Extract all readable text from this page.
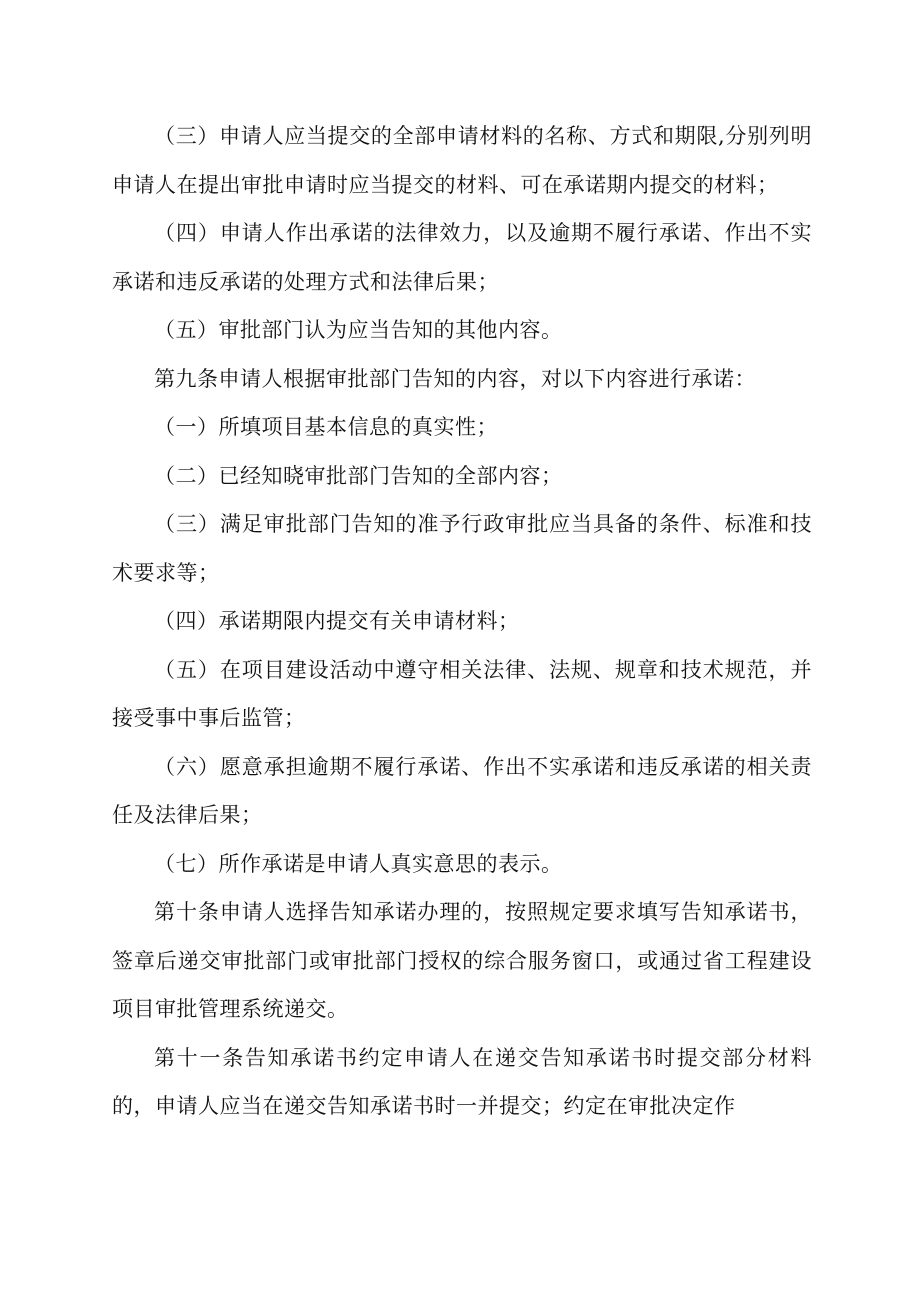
（三）申请人应当提交的全部申请材料的名称、方式和期限,分别列明申请人在提出审批申请时应当提交的材料、可在承诺期内提交的材料；

（四）申请人作出承诺的法律效力，以及逾期不履行承诺、作出不实承诺和违反承诺的处理方式和法律后果；

（五）审批部门认为应当告知的其他内容。

第九条申请人根据审批部门告知的内容，对以下内容进行承诺：

（一）所填项目基本信息的真实性；

（二）已经知晓审批部门告知的全部内容；

（三）满足审批部门告知的准予行政审批应当具备的条件、标准和技术要求等；

（四）承诺期限内提交有关申请材料；

（五）在项目建设活动中遵守相关法律、法规、规章和技术规范，并接受事中事后监管；

（六）愿意承担逾期不履行承诺、作出不实承诺和违反承诺的相关责任及法律后果；

（七）所作承诺是申请人真实意思的表示。

第十条申请人选择告知承诺办理的，按照规定要求填写告知承诺书，签章后递交审批部门或审批部门授权的综合服务窗口，或通过省工程建设项目审批管理系统递交。

第十一条告知承诺书约定申请人在递交告知承诺书时提交部分材料的，申请人应当在递交告知承诺书时一并提交；约定在审批决定作
